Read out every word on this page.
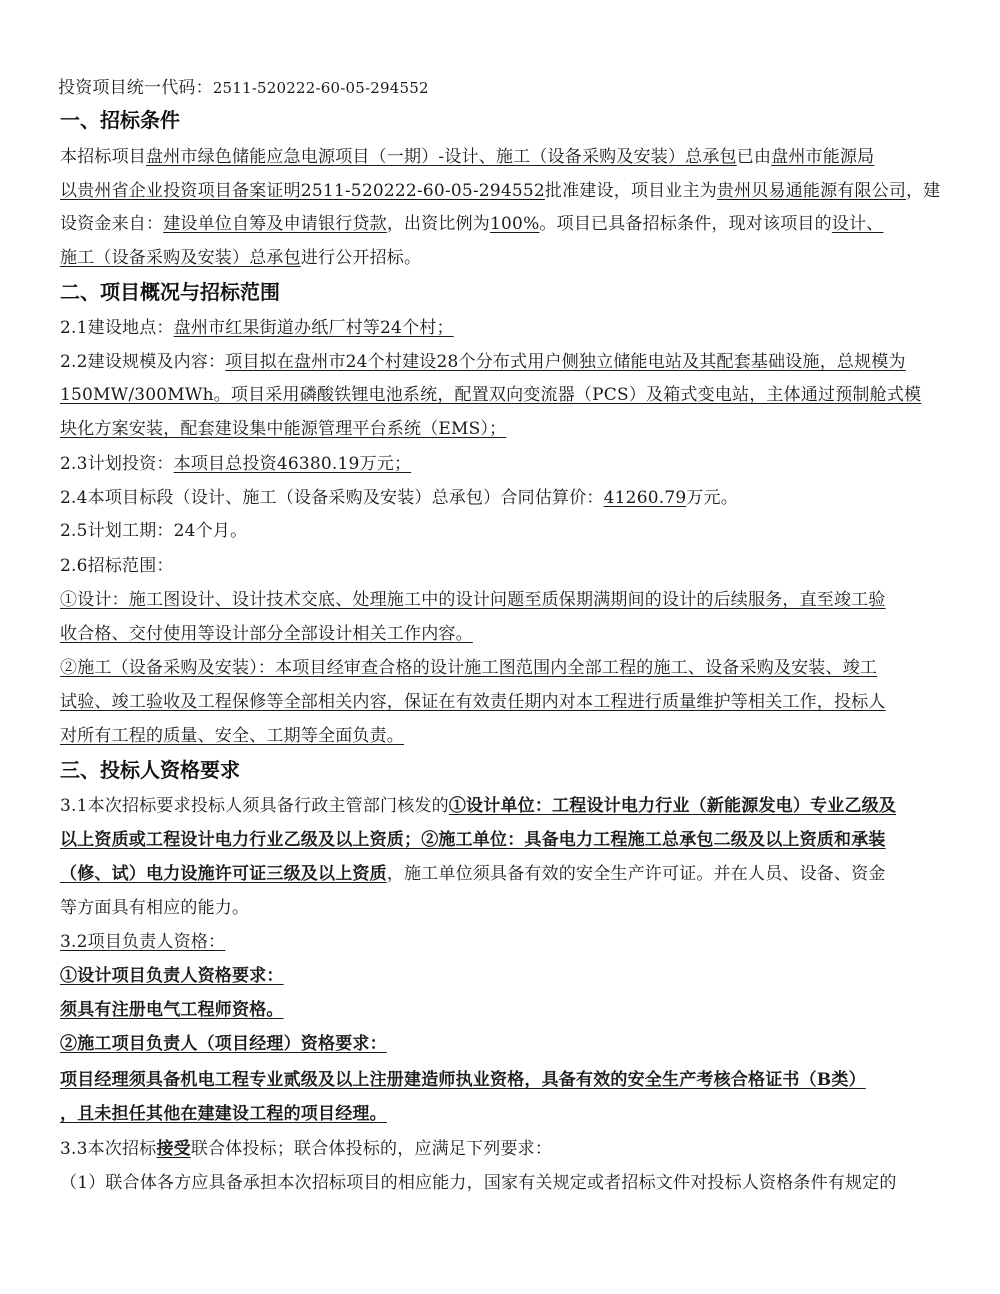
投资项目统一代码：2511-520222-60-05-294552
一、招标条件
本招标项目盘州市绿色储能应急电源项目（一期）-设计、施工（设备采购及安装）总承包已由盘州市能源局
以贵州省企业投资项目备案证明2511-520222-60-05-294552批准建设，项目业主为贵州贝易通能源有限公司，建
设资金来自：建设单位自筹及申请银行贷款，出资比例为100%。项目已具备招标条件，现对该项目的设计、
施工（设备采购及安装）总承包进行公开招标。
二、项目概况与招标范围
2.1建设地点：盘州市红果街道办纸厂村等24个村；
2.2建设规模及内容：项目拟在盘州市24个村建设28个分布式用户侧独立储能电站及其配套基础设施，总规模为
150MW/300MWh。项目采用磷酸铁锂电池系统，配置双向变流器（PCS）及箱式变电站，主体通过预制舱式模
块化方案安装，配套建设集中能源管理平台系统（EMS）；
2.3计划投资：本项目总投资46380.19万元；
2.4本项目标段（设计、施工（设备采购及安装）总承包）合同估算价：41260.79万元。
2.5计划工期：24个月。
2.6招标范围：
①设计：施工图设计、设计技术交底、处理施工中的设计问题至质保期满期间的设计的后续服务，直至竣工验
收合格、交付使用等设计部分全部设计相关工作内容。
②施工（设备采购及安装）：本项目经审查合格的设计施工图范围内全部工程的施工、设备采购及安装、竣工
试验、竣工验收及工程保修等全部相关内容，保证在有效责任期内对本工程进行质量维护等相关工作，投标人
对所有工程的质量、安全、工期等全面负责。
三、投标人资格要求
3.1本次招标要求投标人须具备行政主管部门核发的①设计单位：工程设计电力行业（新能源发电）专业乙级及
以上资质或工程设计电力行业乙级及以上资质；②施工单位：具备电力工程施工总承包二级及以上资质和承装
（修、试）电力设施许可证三级及以上资质，施工单位须具备有效的安全生产许可证。并在人员、设备、资金
等方面具有相应的能力。
3.2项目负责人资格：
①设计项目负责人资格要求：
须具有注册电气工程师资格。
②施工项目负责人（项目经理）资格要求：
项目经理须具备机电工程专业贰级及以上注册建造师执业资格，具备有效的安全生产考核合格证书（B类）
，且未担任其他在建建设工程的项目经理。
3.3本次招标接受联合体投标；联合体投标的，应满足下列要求：
（1）联合体各方应具备承担本次招标项目的相应能力，国家有关规定或者招标文件对投标人资格条件有规定的
